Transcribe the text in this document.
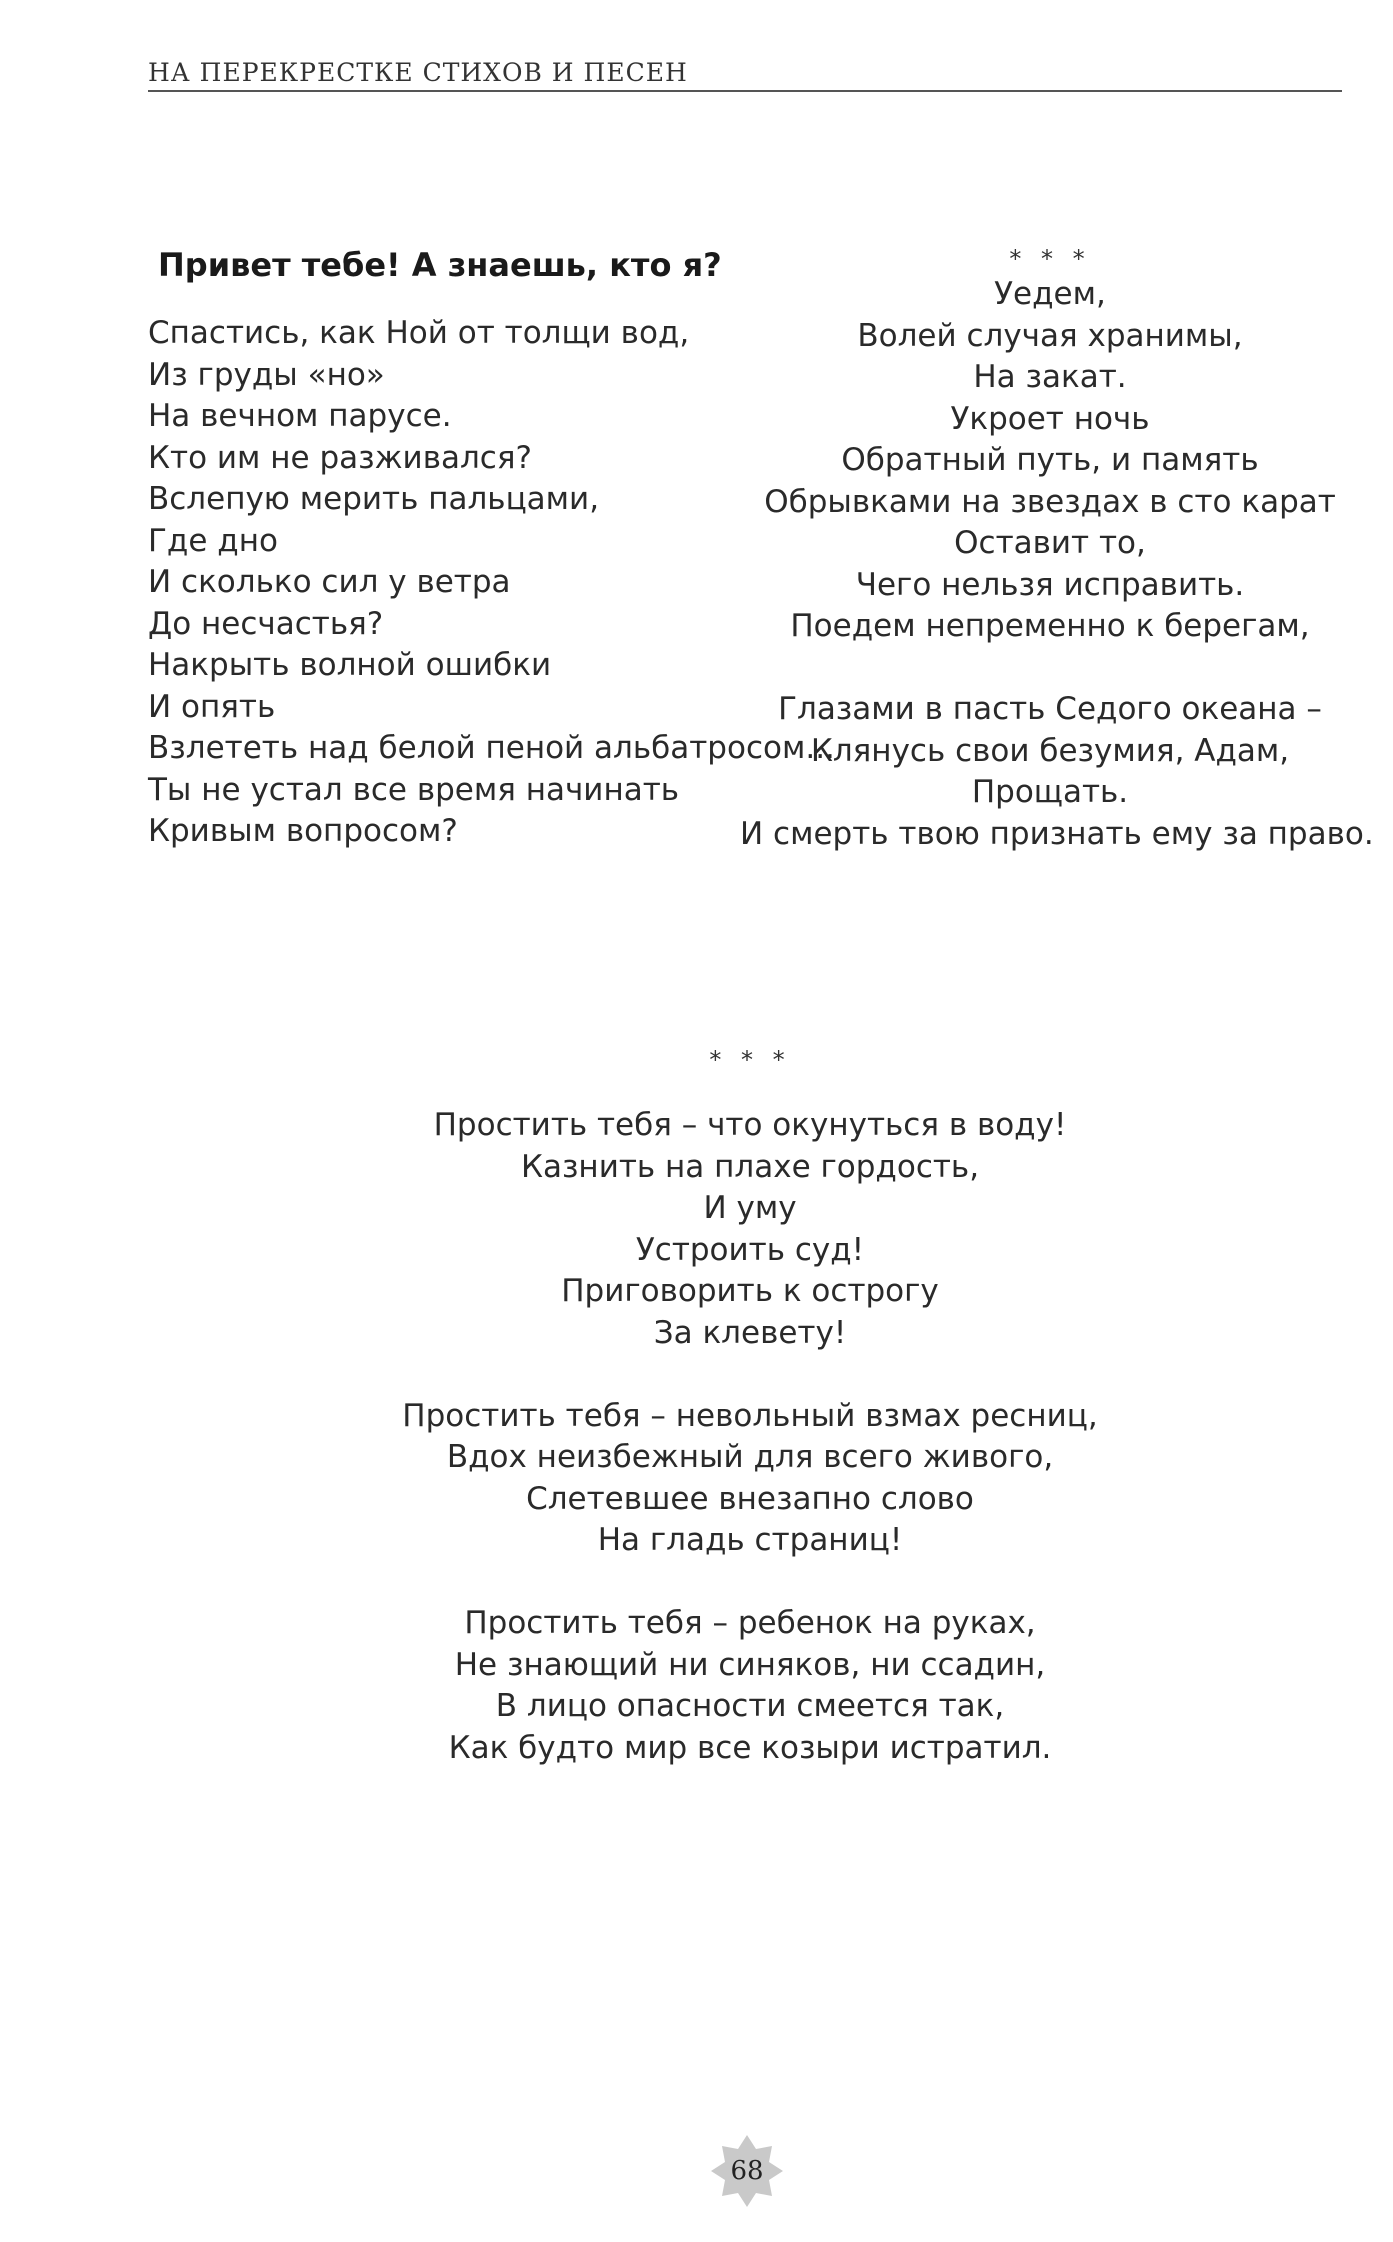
НА ПЕРЕКРЕСТКЕ СТИХОВ И ПЕСЕН
Привет тебе! А знаешь, кто я?
Спастись, как Ной от толщи вод,
Из груды «но»
На вечном парусе.
Кто им не разживался?
Вслепую мерить пальцами,
Где дно
И сколько сил у ветра
До несчастья?
Накрыть волной ошибки
И опять
Взлететь над белой пеной альбатросом...
Ты не устал все время начинать
Кривым вопросом?
* * *
Уедем,
Волей случая хранимы,
На закат.
Укроет ночь
Обратный путь, и память
Обрывками на звездах в сто карат
Оставит то,
Чего нельзя исправить.
Поедем непременно к берегам,
Глазами в пасть Седого океана –
Клянусь свои безумия, Адам,
Прощать.
И смерть твою признать ему за право.
* * *
Простить тебя – что окунуться в воду!
Казнить на плахе гордость,
И уму
Устроить суд!
Приговорить к острогу
За клевету!
Простить тебя – невольный взмах ресниц,
Вдох неизбежный для всего живого,
Слетевшее внезапно слово
На гладь страниц!
Простить тебя – ребенок на руках,
Не знающий ни синяков, ни ссадин,
В лицо опасности смеется так,
Как будто мир все козыри истратил.
68
